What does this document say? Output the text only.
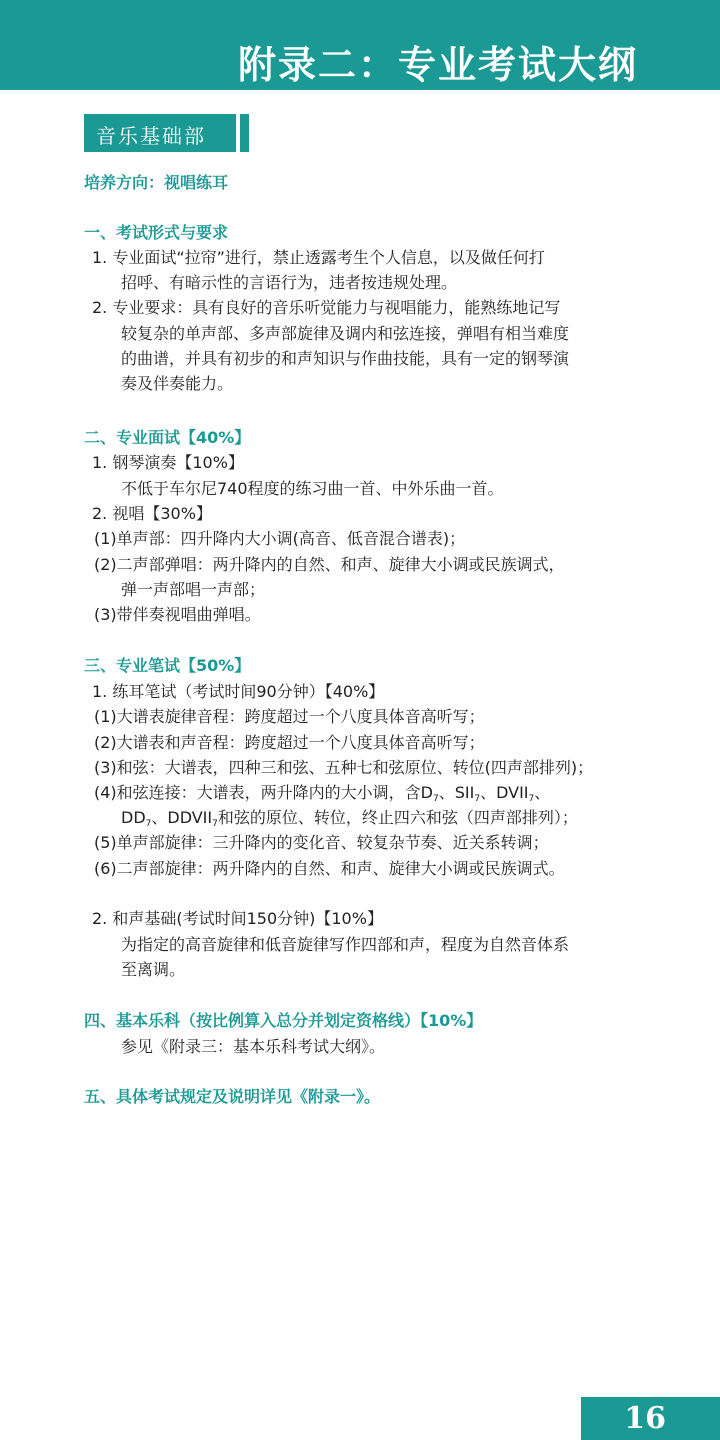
附录二：专业考试大纲
音乐基础部
培养方向：视唱练耳
一、考试形式与要求
1. 专业面试“拉帘”进行，禁止透露考生个人信息，以及做任何打
招呼、有暗示性的言语行为，违者按违规处理。
2. 专业要求：具有良好的音乐听觉能力与视唱能力，能熟练地记写
较复杂的单声部、多声部旋律及调内和弦连接，弹唱有相当难度
的曲谱，并具有初步的和声知识与作曲技能，具有一定的钢琴演
奏及伴奏能力。
二、专业面试【40%】
1. 钢琴演奏【10%】
不低于车尔尼740程度的练习曲一首、中外乐曲一首。
2. 视唱【30%】
(1)单声部：四升降内大小调(高音、低音混合谱表)；
(2)二声部弹唱：两升降内的自然、和声、旋律大小调或民族调式，
弹一声部唱一声部；
(3)带伴奏视唱曲弹唱。
三、专业笔试【50%】
1. 练耳笔试（考试时间90分钟）【40%】
(1)大谱表旋律音程：跨度超过一个八度具体音高听写；
(2)大谱表和声音程：跨度超过一个八度具体音高听写；
(3)和弦：大谱表，四种三和弦、五种七和弦原位、转位(四声部排列)；
(4)和弦连接：大谱表，两升降内的大小调，含$D_7$、$SII_7$、$DVII_7$、
$DD_7$、$DDVII_7$和弦的原位、转位，终止四六和弦（四声部排列）；
(5)单声部旋律：三升降内的变化音、较复杂节奏、近关系转调；
(6)二声部旋律：两升降内的自然、和声、旋律大小调或民族调式。
2. 和声基础(考试时间150分钟)【10%】
为指定的高音旋律和低音旋律写作四部和声，程度为自然音体系
至离调。
四、基本乐科（按比例算入总分并划定资格线）【10%】
参见《附录三：基本乐科考试大纲》。
五、具体考试规定及说明详见《附录一》。
16
